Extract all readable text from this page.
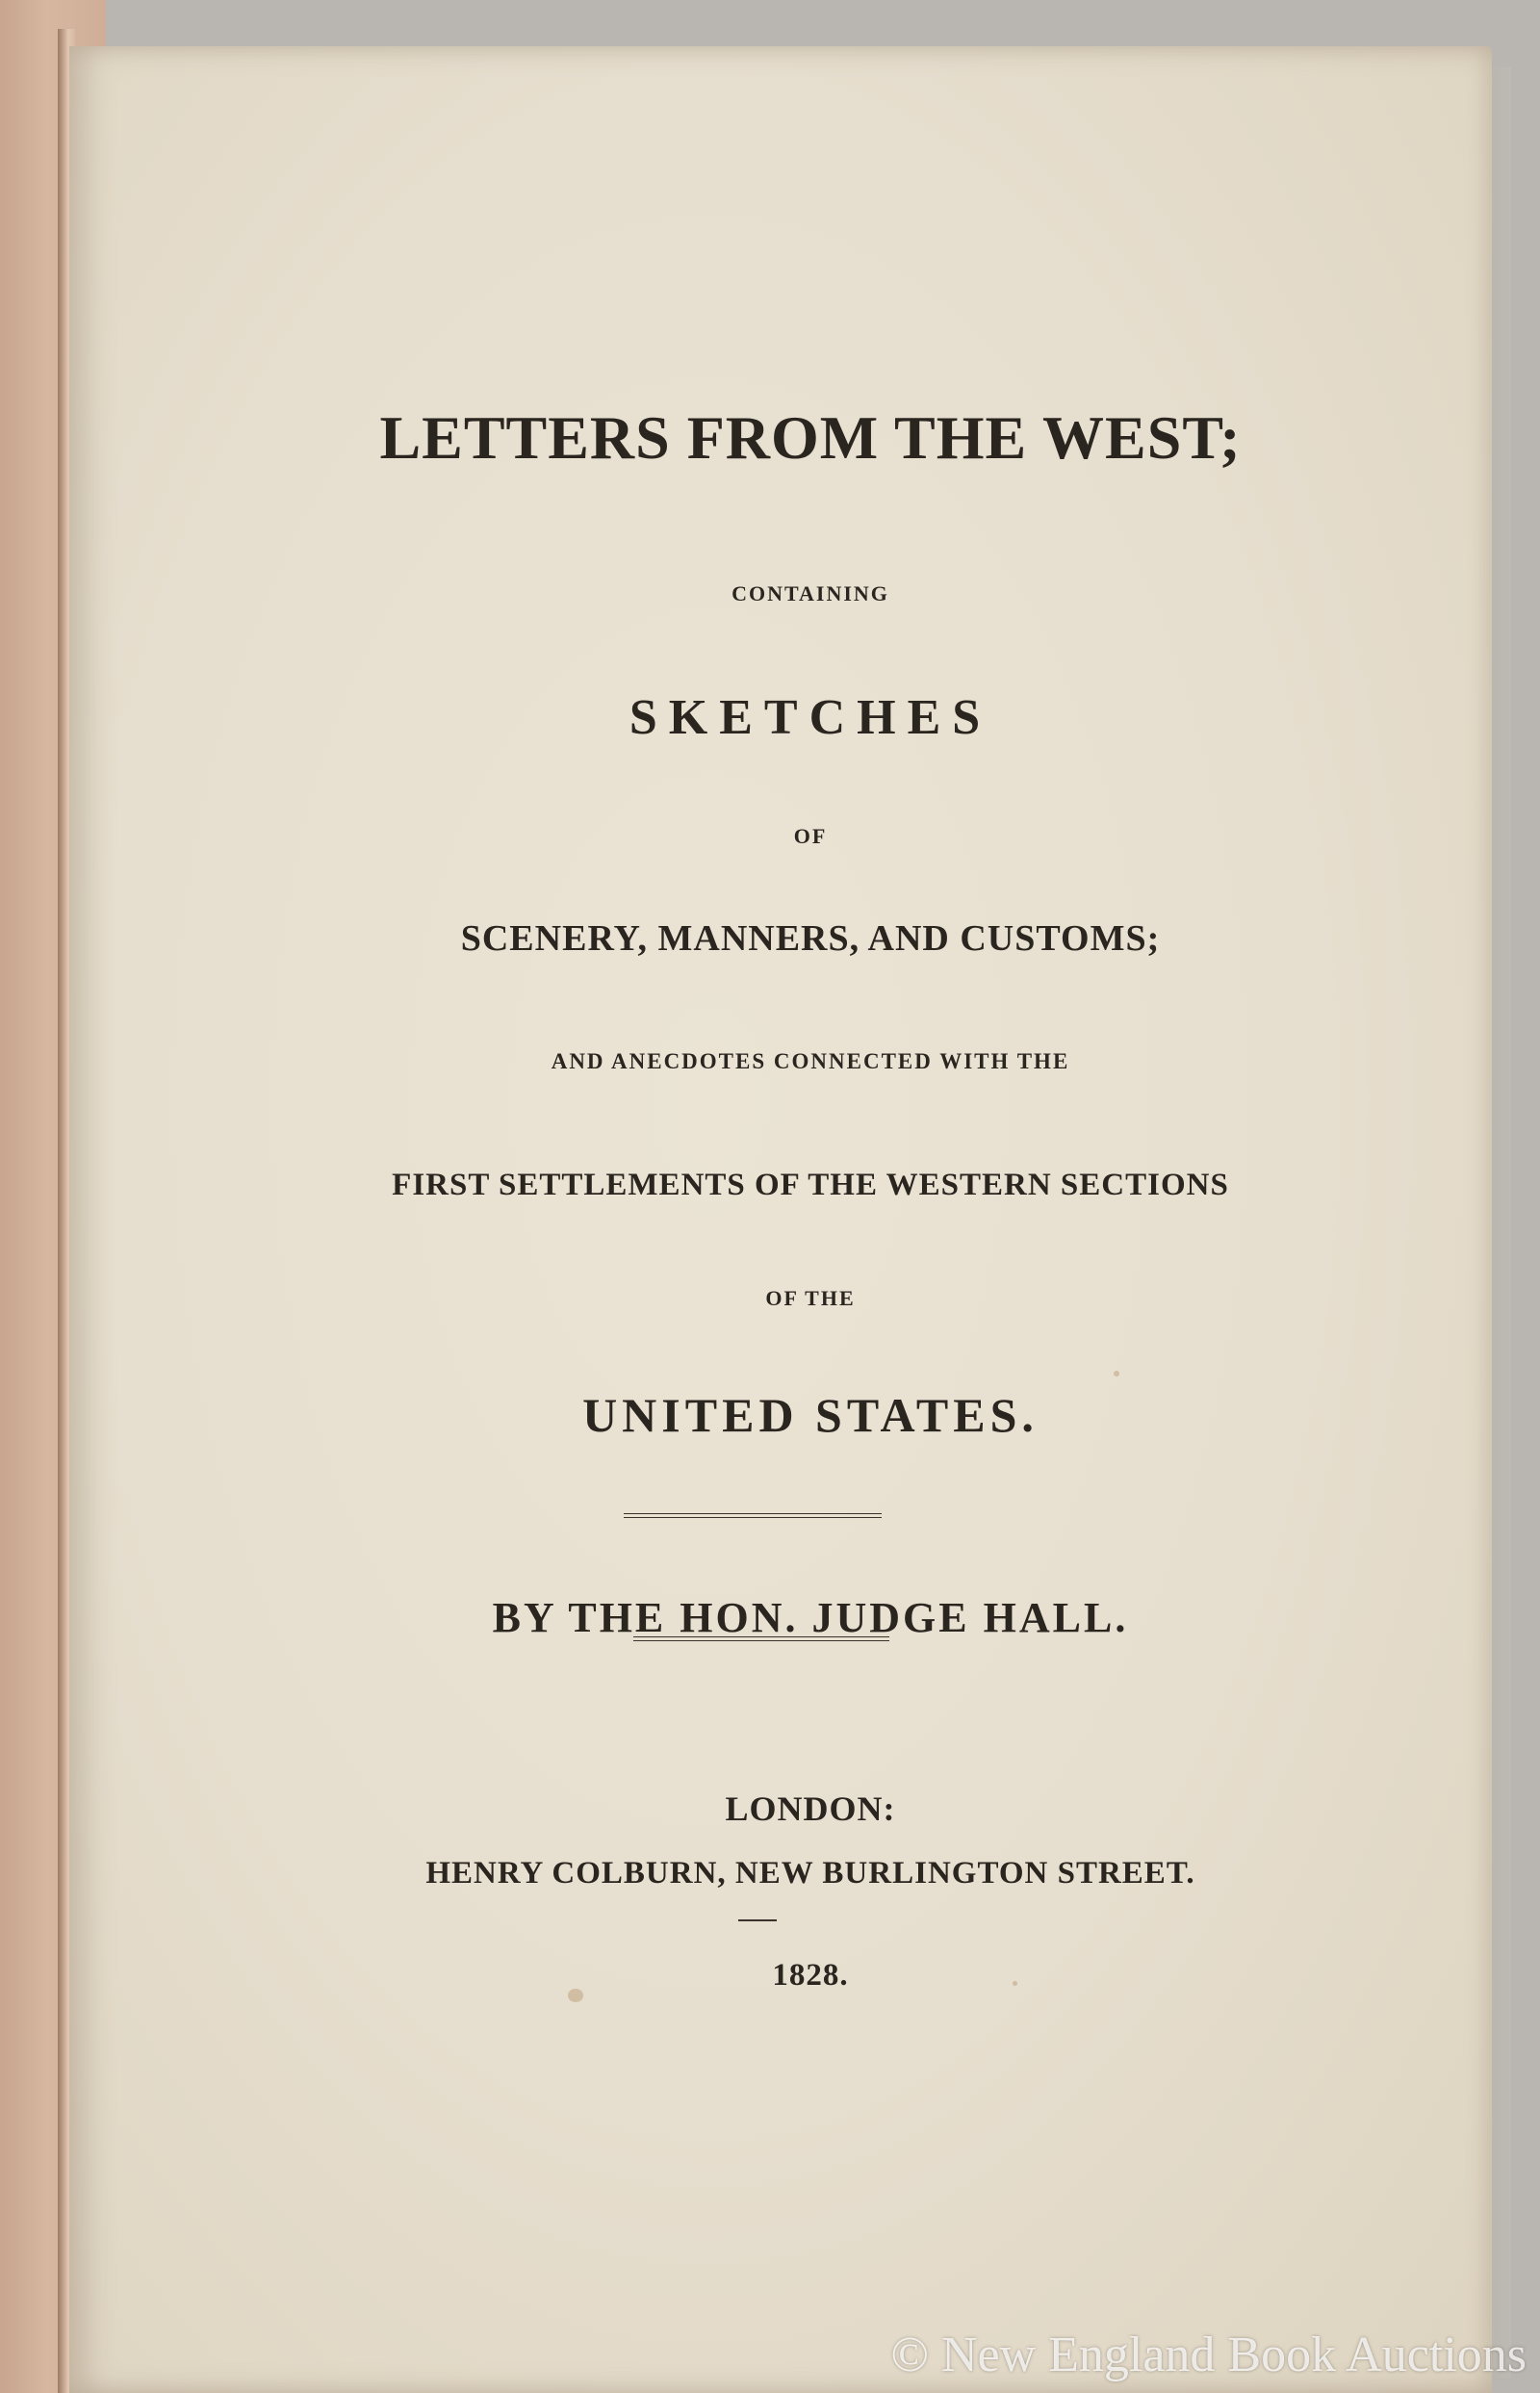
LETTERS FROM THE WEST;
CONTAINING
SKETCHES
OF
SCENERY, MANNERS, AND CUSTOMS;
AND ANECDOTES CONNECTED WITH THE
FIRST SETTLEMENTS OF THE WESTERN SECTIONS
OF THE
UNITED STATES.
BY THE HON. JUDGE HALL.
LONDON:
HENRY COLBURN, NEW BURLINGTON STREET.
1828.
© New England Book Auctions
